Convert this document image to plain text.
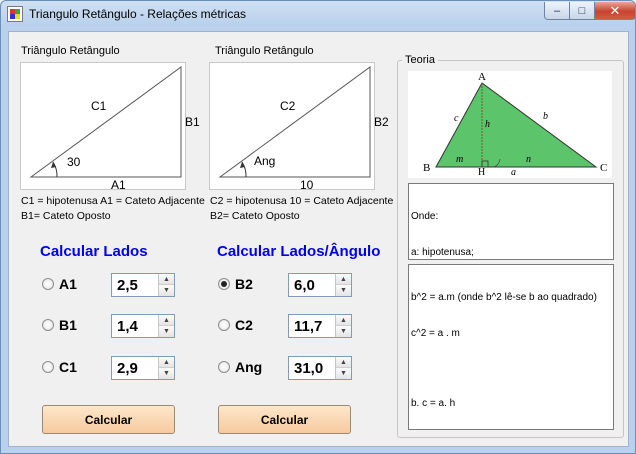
Triangulo Retângulo - Relações métricas	– □ ✕
Triângulo Retângulo
C1
B1
30
A1
C1 = hipotenusa A1 = Cateto Adjacente
B1= Cateto Oposto
Calcular Lados
A1	2,5	▲
▼
B1	1,4	▲
▼
C1	2,9	▲
▼
Calcular
Triângulo Retângulo
C2
B2
Ang
10
C2 = hipotenusa 10 = Cateto Adjacente
B2= Cateto Oposto
Calcular Lados/Ângulo
B2	6,0	▲
▼
C2	11,7	▲
▼
Ang 31,0	▲
▼
Calcular
Teoria
A
B	C
H	a
b
c
h
m	n

Onde:

a: hipotenusa;

b^2 = a.m (onde b^2 lê-se b ao quadrado)

c^2 = a . m

b. c = a. h
